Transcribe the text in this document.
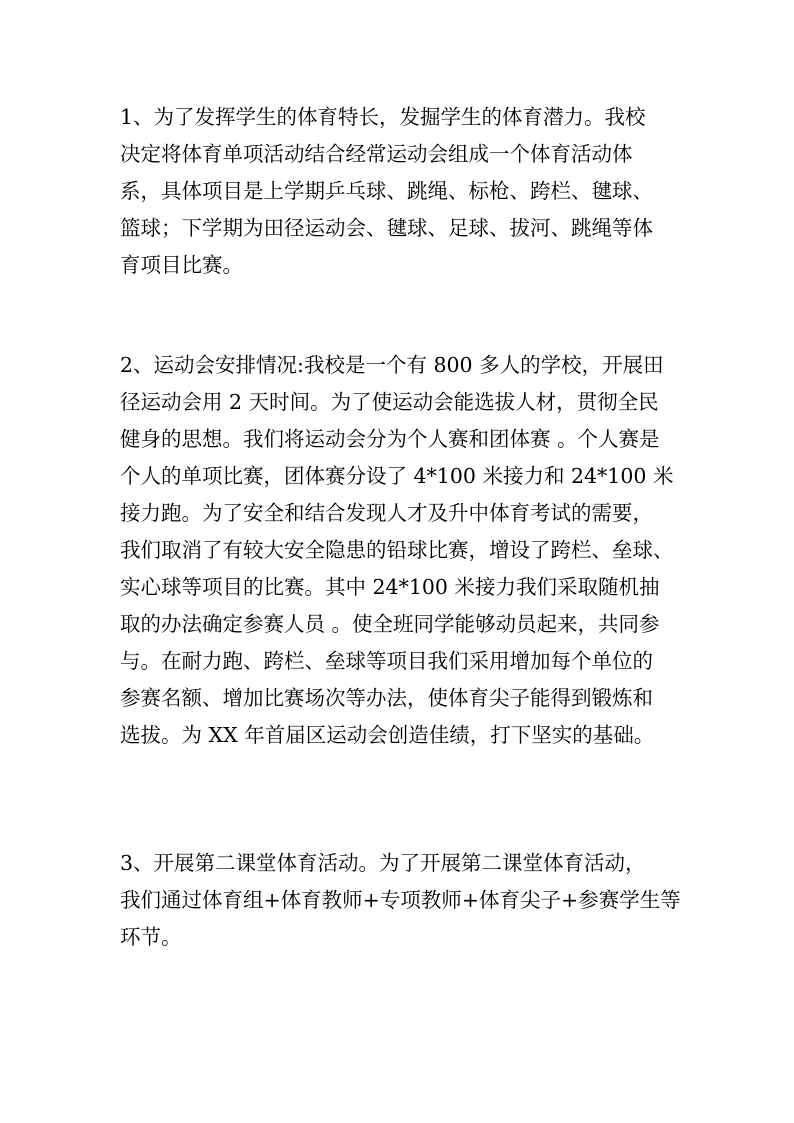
1、为了发挥学生的体育特长，发掘学生的体育潜力。我校
决定将体育单项活动结合经常运动会组成一个体育活动体
系，具体项目是上学期乒乓球、跳绳、标枪、跨栏、毽球、
篮球；下学期为田径运动会、毽球、足球、拔河、跳绳等体
育项目比赛。
2、运动会安排情况:我校是一个有 800 多人的学校，开展田
径运动会用 2 天时间。为了使运动会能选拔人材，贯彻全民
健身的思想。我们将运动会分为个人赛和团体赛 。个人赛是
个人的单项比赛，团体赛分设了 4*100 米接力和 24*100 米
接力跑。为了安全和结合发现人才及升中体育考试的需要，
我们取消了有较大安全隐患的铅球比赛，增设了跨栏、垒球、
实心球等项目的比赛。其中 24*100 米接力我们采取随机抽
取的办法确定参赛人员 。使全班同学能够动员起来，共同参
与。在耐力跑、跨栏、垒球等项目我们采用增加每个单位的
参赛名额、增加比赛场次等办法，使体育尖子能得到锻炼和
选拔。为 XX 年首届区运动会创造佳绩，打下坚实的基础。
3、开展第二课堂体育活动。为了开展第二课堂体育活动，
我们通过体育组+体育教师+专项教师+体育尖子+参赛学生等
环节。
